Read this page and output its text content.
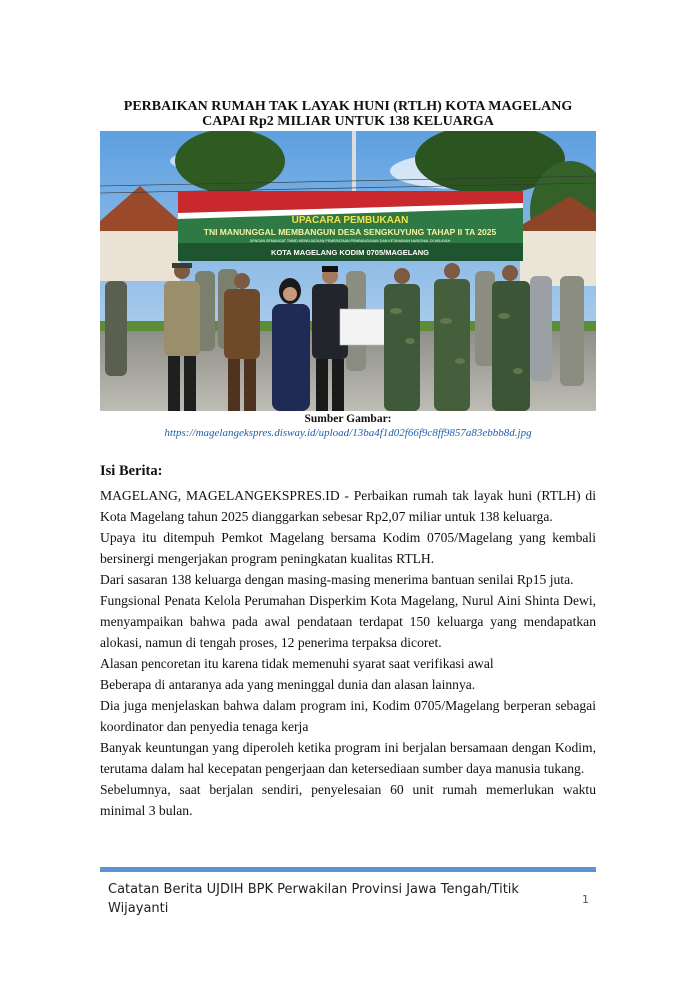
PERBAIKAN RUMAH TAK LAYAK HUNI (RTLH) KOTA MAGELANG
CAPAI Rp2 MILIAR UNTUK 138 KELUARGA
UPACARA PEMBUKAAN
TNI MANUNGGAL MEMBANGUN DESA SENGKUYUNG TAHAP II TA 2025
DENGAN SEMANGAT TMMD MEWUJUDKAN PEMERATAAN PEMBANGUNAN DAN KETAHANAN NASIONAL DI WILAYAH
KOTA MAGELANG KODIM 0705/MAGELANG
Sumber Gambar:
https://magelangekspres.disway.id/upload/13ba4f1d02f66f9c8ff9857a83ebbb8d.jpg
Isi Berita:

MAGELANG, MAGELANGEKSPRES.ID - Perbaikan rumah tak layak huni (RTLH) di Kota Magelang tahun 2025 dianggarkan sebesar Rp2,07 miliar untuk 138 keluarga.

Upaya itu ditempuh Pemkot Magelang bersama Kodim 0705/Magelang yang kembali bersinergi mengerjakan program peningkatan kualitas RTLH.

Dari sasaran 138 keluarga dengan masing-masing menerima bantuan senilai Rp15 juta.

Fungsional Penata Kelola Perumahan Disperkim Kota Magelang, Nurul Aini Shinta Dewi, menyampaikan bahwa pada awal pendataan terdapat 150 keluarga yang mendapatkan alokasi, namun di tengah proses, 12 penerima terpaksa dicoret.

Alasan pencoretan itu karena tidak memenuhi syarat saat verifikasi awal

Beberapa di antaranya ada yang meninggal dunia dan alasan lainnya.

Dia juga menjelaskan bahwa dalam program ini, Kodim 0705/Magelang berperan sebagai koordinator dan penyedia tenaga kerja

Banyak keuntungan yang diperoleh ketika program ini berjalan bersamaan dengan Kodim, terutama dalam hal kecepatan pengerjaan dan ketersediaan sumber daya manusia tukang.

Sebelumnya, saat berjalan sendiri, penyelesaian 60 unit rumah memerlukan waktu minimal 3 bulan.

Catatan Berita UJDIH BPK Perwakilan Provinsi Jawa Tengah/Titik Wijayanti
1
